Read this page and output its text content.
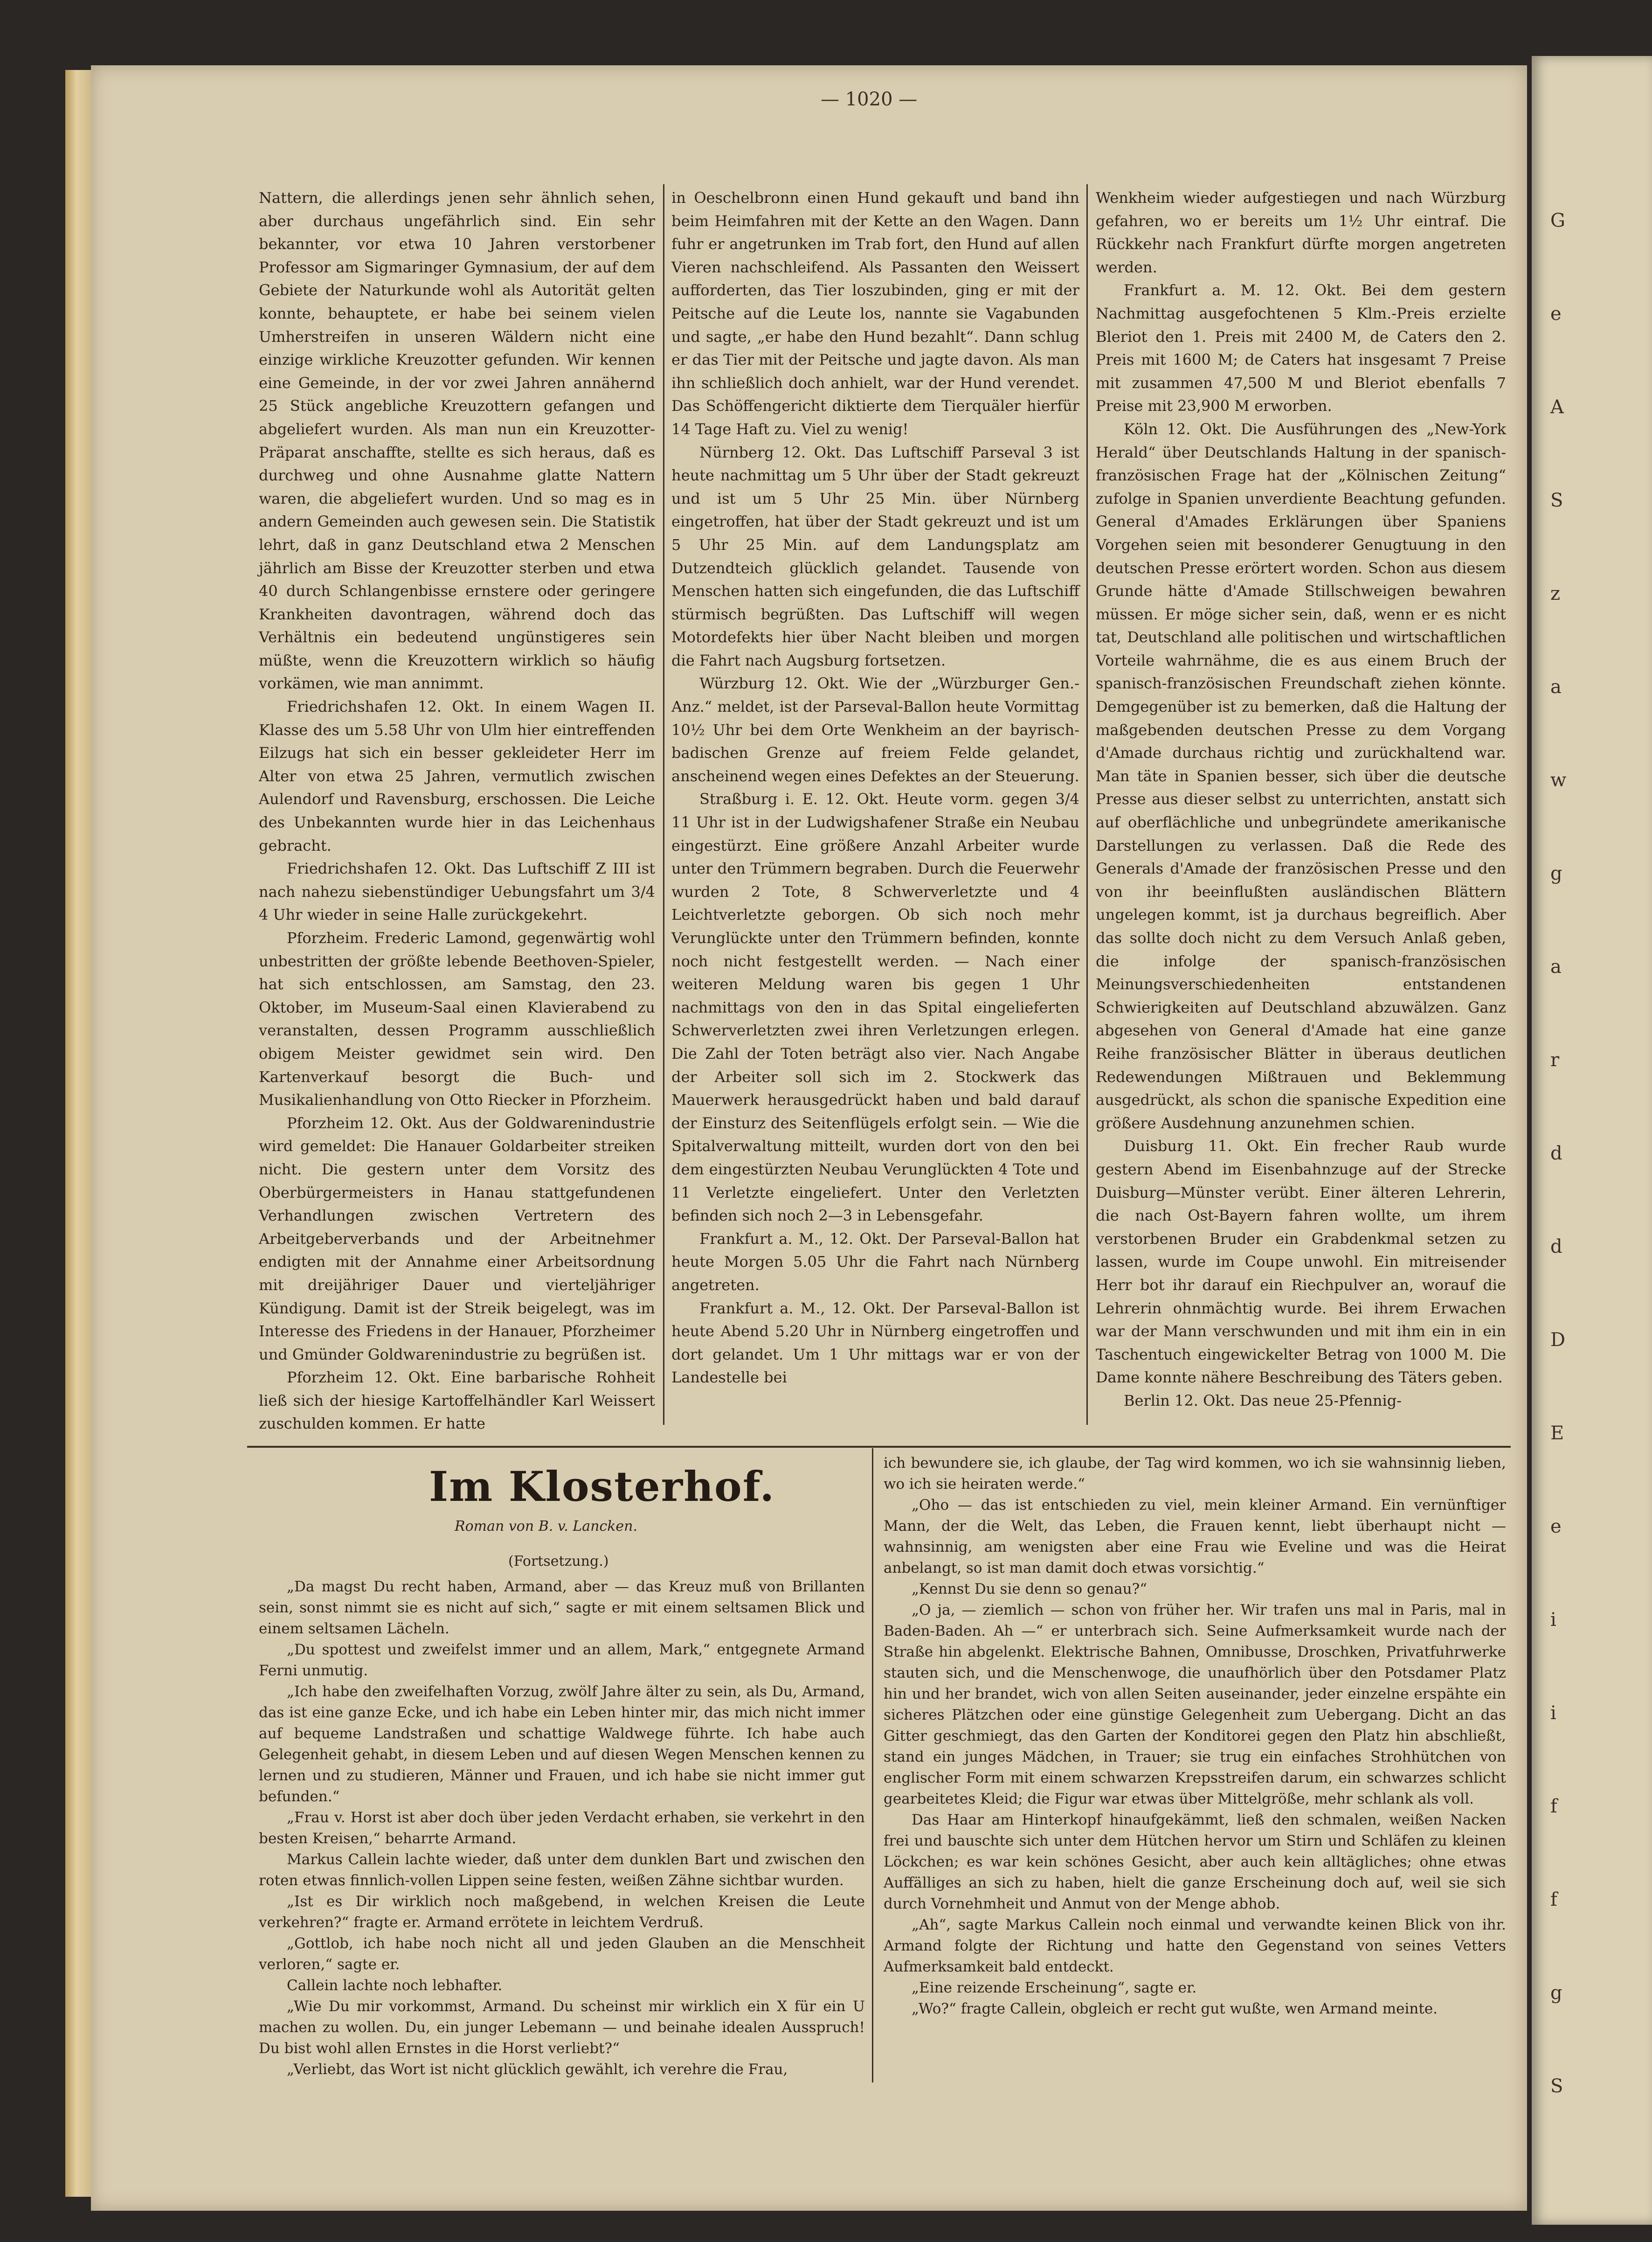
G
e
A
S
z
a
w
g
a
r
d
d
D
E
e
i
i
f
f
g
S
— 1020 —

Nattern, die allerdings jenen sehr ähnlich sehen, aber durchaus ungefährlich sind. Ein sehr bekannter, vor etwa 10 Jahren verstorbener Professor am Sigmaringer Gymnasium, der auf dem Gebiete der Naturkunde wohl als Autorität gelten konnte, behauptete, er habe bei seinem vielen Umherstreifen in unseren Wäldern nicht eine einzige wirkliche Kreuzotter gefunden. Wir kennen eine Gemeinde, in der vor zwei Jahren annähernd 25 Stück angebliche Kreuzottern gefangen und abgeliefert wurden. Als man nun ein Kreuzotter-Präparat anschaffte, stellte es sich heraus, daß es durchweg und ohne Ausnahme glatte Nattern waren, die abgeliefert wurden. Und so mag es in andern Gemeinden auch gewesen sein. Die Statistik lehrt, daß in ganz Deutschland etwa 2 Menschen jährlich am Bisse der Kreuzotter sterben und etwa 40 durch Schlangenbisse ernstere oder geringere Krankheiten davontragen, während doch das Verhältnis ein bedeutend ungünstigeres sein müßte, wenn die Kreuzottern wirklich so häufig vorkämen, wie man annimmt.

Friedrichshafen 12. Okt. In einem Wagen II. Klasse des um 5.58 Uhr von Ulm hier eintreffenden Eilzugs hat sich ein besser gekleideter Herr im Alter von etwa 25 Jahren, vermutlich zwischen Aulendorf und Ravensburg, erschossen. Die Leiche des Unbekannten wurde hier in das Leichenhaus gebracht.

Friedrichshafen 12. Okt. Das Luftschiff Z III ist nach nahezu siebenstündiger Uebungsfahrt um 3/4 4 Uhr wieder in seine Halle zurückgekehrt.

Pforzheim. Frederic Lamond, gegenwärtig wohl unbestritten der größte lebende Beethoven-Spieler, hat sich entschlossen, am Samstag, den 23. Oktober, im Museum-Saal einen Klavierabend zu veranstalten, dessen Programm ausschließlich obigem Meister gewidmet sein wird. Den Kartenverkauf besorgt die Buch- und Musikalienhandlung von Otto Riecker in Pforzheim.

Pforzheim 12. Okt. Aus der Goldwarenindustrie wird gemeldet: Die Hanauer Goldarbeiter streiken nicht. Die gestern unter dem Vorsitz des Oberbürgermeisters in Hanau stattgefundenen Verhandlungen zwischen Vertretern des Arbeitgeberverbands und der Arbeitnehmer endigten mit der Annahme einer Arbeitsordnung mit dreijähriger Dauer und vierteljähriger Kündigung. Damit ist der Streik beigelegt, was im Interesse des Friedens in der Hanauer, Pforzheimer und Gmünder Goldwarenindustrie zu begrüßen ist.

Pforzheim 12. Okt. Eine barbarische Rohheit ließ sich der hiesige Kartoffelhändler Karl Weissert zuschulden kommen. Er hatte

in Oeschelbronn einen Hund gekauft und band ihn beim Heimfahren mit der Kette an den Wagen. Dann fuhr er angetrunken im Trab fort, den Hund auf allen Vieren nachschleifend. Als Passanten den Weissert aufforderten, das Tier loszubinden, ging er mit der Peitsche auf die Leute los, nannte sie Vagabunden und sagte, „er habe den Hund bezahlt“. Dann schlug er das Tier mit der Peitsche und jagte davon. Als man ihn schließlich doch anhielt, war der Hund verendet. Das Schöffengericht diktierte dem Tierquäler hierfür 14 Tage Haft zu. Viel zu wenig!

Nürnberg 12. Okt. Das Luftschiff Parseval 3 ist heute nachmittag um 5 Uhr über der Stadt gekreuzt und ist um 5 Uhr 25 Min. über Nürnberg eingetroffen, hat über der Stadt gekreuzt und ist um 5 Uhr 25 Min. auf dem Landungsplatz am Dutzendteich glücklich gelandet. Tausende von Menschen hatten sich eingefunden, die das Luftschiff stürmisch begrüßten. Das Luftschiff will wegen Motordefekts hier über Nacht bleiben und morgen die Fahrt nach Augsburg fortsetzen.

Würzburg 12. Okt. Wie der „Würzburger Gen.-Anz.“ meldet, ist der Parseval-Ballon heute Vormittag 10½ Uhr bei dem Orte Wenkheim an der bayrisch-badischen Grenze auf freiem Felde gelandet, anscheinend wegen eines Defektes an der Steuerung.

Straßburg i. E. 12. Okt. Heute vorm. gegen 3/4 11 Uhr ist in der Ludwigshafener Straße ein Neubau eingestürzt. Eine größere Anzahl Arbeiter wurde unter den Trümmern begraben. Durch die Feuerwehr wurden 2 Tote, 8 Schwerverletzte und 4 Leichtverletzte geborgen. Ob sich noch mehr Verunglückte unter den Trümmern befinden, konnte noch nicht festgestellt werden. — Nach einer weiteren Meldung waren bis gegen 1 Uhr nachmittags von den in das Spital eingelieferten Schwerverletzten zwei ihren Verletzungen erlegen. Die Zahl der Toten beträgt also vier. Nach Angabe der Arbeiter soll sich im 2. Stockwerk das Mauerwerk herausgedrückt haben und bald darauf der Einsturz des Seitenflügels erfolgt sein. — Wie die Spitalverwaltung mitteilt, wurden dort von den bei dem eingestürzten Neubau Verunglückten 4 Tote und 11 Verletzte eingeliefert. Unter den Verletzten befinden sich noch 2—3 in Lebensgefahr.

Frankfurt a. M., 12. Okt. Der Parseval-Ballon hat heute Morgen 5.05 Uhr die Fahrt nach Nürnberg angetreten.

Frankfurt a. M., 12. Okt. Der Parseval-Ballon ist heute Abend 5.20 Uhr in Nürnberg eingetroffen und dort gelandet. Um 1 Uhr mittags war er von der Landestelle bei

Wenkheim wieder aufgestiegen und nach Würzburg gefahren, wo er bereits um 1½ Uhr eintraf. Die Rückkehr nach Frankfurt dürfte morgen angetreten werden.

Frankfurt a. M. 12. Okt. Bei dem gestern Nachmittag ausgefochtenen 5 Klm.-Preis erzielte Bleriot den 1. Preis mit 2400 M, de Caters den 2. Preis mit 1600 M; de Caters hat insgesamt 7 Preise mit zusammen 47,500 M und Bleriot ebenfalls 7 Preise mit 23,900 M erworben.

Köln 12. Okt. Die Ausführungen des „New-York Herald“ über Deutschlands Haltung in der spanisch-französischen Frage hat der „Kölnischen Zeitung“ zufolge in Spanien unverdiente Beachtung gefunden. General d'Amades Erklärungen über Spaniens Vorgehen seien mit besonderer Genugtuung in den deutschen Presse erörtert worden. Schon aus diesem Grunde hätte d'Amade Stillschweigen bewahren müssen. Er möge sicher sein, daß, wenn er es nicht tat, Deutschland alle politischen und wirtschaftlichen Vorteile wahrnähme, die es aus einem Bruch der spanisch-französischen Freundschaft ziehen könnte. Demgegenüber ist zu bemerken, daß die Haltung der maßgebenden deutschen Presse zu dem Vorgang d'Amade durchaus richtig und zurückhaltend war. Man täte in Spanien besser, sich über die deutsche Presse aus dieser selbst zu unterrichten, anstatt sich auf oberflächliche und unbegründete amerikanische Darstellungen zu verlassen. Daß die Rede des Generals d'Amade der französischen Presse und den von ihr beeinflußten ausländischen Blättern ungelegen kommt, ist ja durchaus begreiflich. Aber das sollte doch nicht zu dem Versuch Anlaß geben, die infolge der spanisch-französischen Meinungsverschiedenheiten entstandenen Schwierigkeiten auf Deutschland abzuwälzen. Ganz abgesehen von General d'Amade hat eine ganze Reihe französischer Blätter in überaus deutlichen Redewendungen Mißtrauen und Beklemmung ausgedrückt, als schon die spanische Expedition eine größere Ausdehnung anzunehmen schien.

Duisburg 11. Okt. Ein frecher Raub wurde gestern Abend im Eisenbahnzuge auf der Strecke Duisburg—Münster verübt. Einer älteren Lehrerin, die nach Ost-Bayern fahren wollte, um ihrem verstorbenen Bruder ein Grabdenkmal setzen zu lassen, wurde im Coupe unwohl. Ein mitreisender Herr bot ihr darauf ein Riechpulver an, worauf die Lehrerin ohnmächtig wurde. Bei ihrem Erwachen war der Mann verschwunden und mit ihm ein in ein Taschentuch eingewickelter Betrag von 1000 M. Die Dame konnte nähere Beschreibung des Täters geben.

Berlin 12. Okt. Das neue 25-Pfennig-

Im Klosterhof.
Roman von B. v. Lancken.
(Fortsetzung.)

„Da magst Du recht haben, Armand, aber — das Kreuz muß von Brillanten sein, sonst nimmt sie es nicht auf sich,“ sagte er mit einem seltsamen Blick und einem seltsamen Lächeln.

„Du spottest und zweifelst immer und an allem, Mark,“ entgegnete Armand Ferni unmutig.

„Ich habe den zweifelhaften Vorzug, zwölf Jahre älter zu sein, als Du, Armand, das ist eine ganze Ecke, und ich habe ein Leben hinter mir, das mich nicht immer auf bequeme Landstraßen und schattige Waldwege führte. Ich habe auch Gelegenheit gehabt, in diesem Leben und auf diesen Wegen Menschen kennen zu lernen und zu studieren, Männer und Frauen, und ich habe sie nicht immer gut befunden.“

„Frau v. Horst ist aber doch über jeden Verdacht erhaben, sie verkehrt in den besten Kreisen,“ beharrte Armand.

Markus Callein lachte wieder, daß unter dem dunklen Bart und zwischen den roten etwas finnlich-vollen Lippen seine festen, weißen Zähne sichtbar wurden.

„Ist es Dir wirklich noch maßgebend, in welchen Kreisen die Leute verkehren?“ fragte er. Armand errötete in leichtem Verdruß.

„Gottlob, ich habe noch nicht all und jeden Glauben an die Menschheit verloren,“ sagte er.

Callein lachte noch lebhafter.

„Wie Du mir vorkommst, Armand. Du scheinst mir wirklich ein X für ein U machen zu wollen. Du, ein junger Lebemann — und beinahe idealen Ausspruch! Du bist wohl allen Ernstes in die Horst verliebt?“

„Verliebt, das Wort ist nicht glücklich gewählt, ich verehre die Frau,

ich bewundere sie, ich glaube, der Tag wird kommen, wo ich sie wahnsinnig lieben, wo ich sie heiraten werde.“

„Oho — das ist entschieden zu viel, mein kleiner Armand. Ein vernünftiger Mann, der die Welt, das Leben, die Frauen kennt, liebt überhaupt nicht — wahnsinnig, am wenigsten aber eine Frau wie Eveline und was die Heirat anbelangt, so ist man damit doch etwas vorsichtig.“

„Kennst Du sie denn so genau?“

„O ja, — ziemlich — schon von früher her. Wir trafen uns mal in Paris, mal in Baden-Baden. Ah —“ er unterbrach sich. Seine Aufmerksamkeit wurde nach der Straße hin abgelenkt. Elektrische Bahnen, Omnibusse, Droschken, Privatfuhrwerke stauten sich, und die Menschenwoge, die unaufhörlich über den Potsdamer Platz hin und her brandet, wich von allen Seiten auseinander, jeder einzelne erspähte ein sicheres Plätzchen oder eine günstige Gelegenheit zum Uebergang. Dicht an das Gitter geschmiegt, das den Garten der Konditorei gegen den Platz hin abschließt, stand ein junges Mädchen, in Trauer; sie trug ein einfaches Strohhütchen von englischer Form mit einem schwarzen Krepsstreifen darum, ein schwarzes schlicht gearbeitetes Kleid; die Figur war etwas über Mittelgröße, mehr schlank als voll.

Das Haar am Hinterkopf hinaufgekämmt, ließ den schmalen, weißen Nacken frei und bauschte sich unter dem Hütchen hervor um Stirn und Schläfen zu kleinen Löckchen; es war kein schönes Gesicht, aber auch kein alltägliches; ohne etwas Auffälliges an sich zu haben, hielt die ganze Erscheinung doch auf, weil sie sich durch Vornehmheit und Anmut von der Menge abhob.

„Ah“, sagte Markus Callein noch einmal und verwandte keinen Blick von ihr. Armand folgte der Richtung und hatte den Gegenstand von seines Vetters Aufmerksamkeit bald entdeckt.

„Eine reizende Erscheinung“, sagte er.

„Wo?“ fragte Callein, obgleich er recht gut wußte, wen Armand meinte.
